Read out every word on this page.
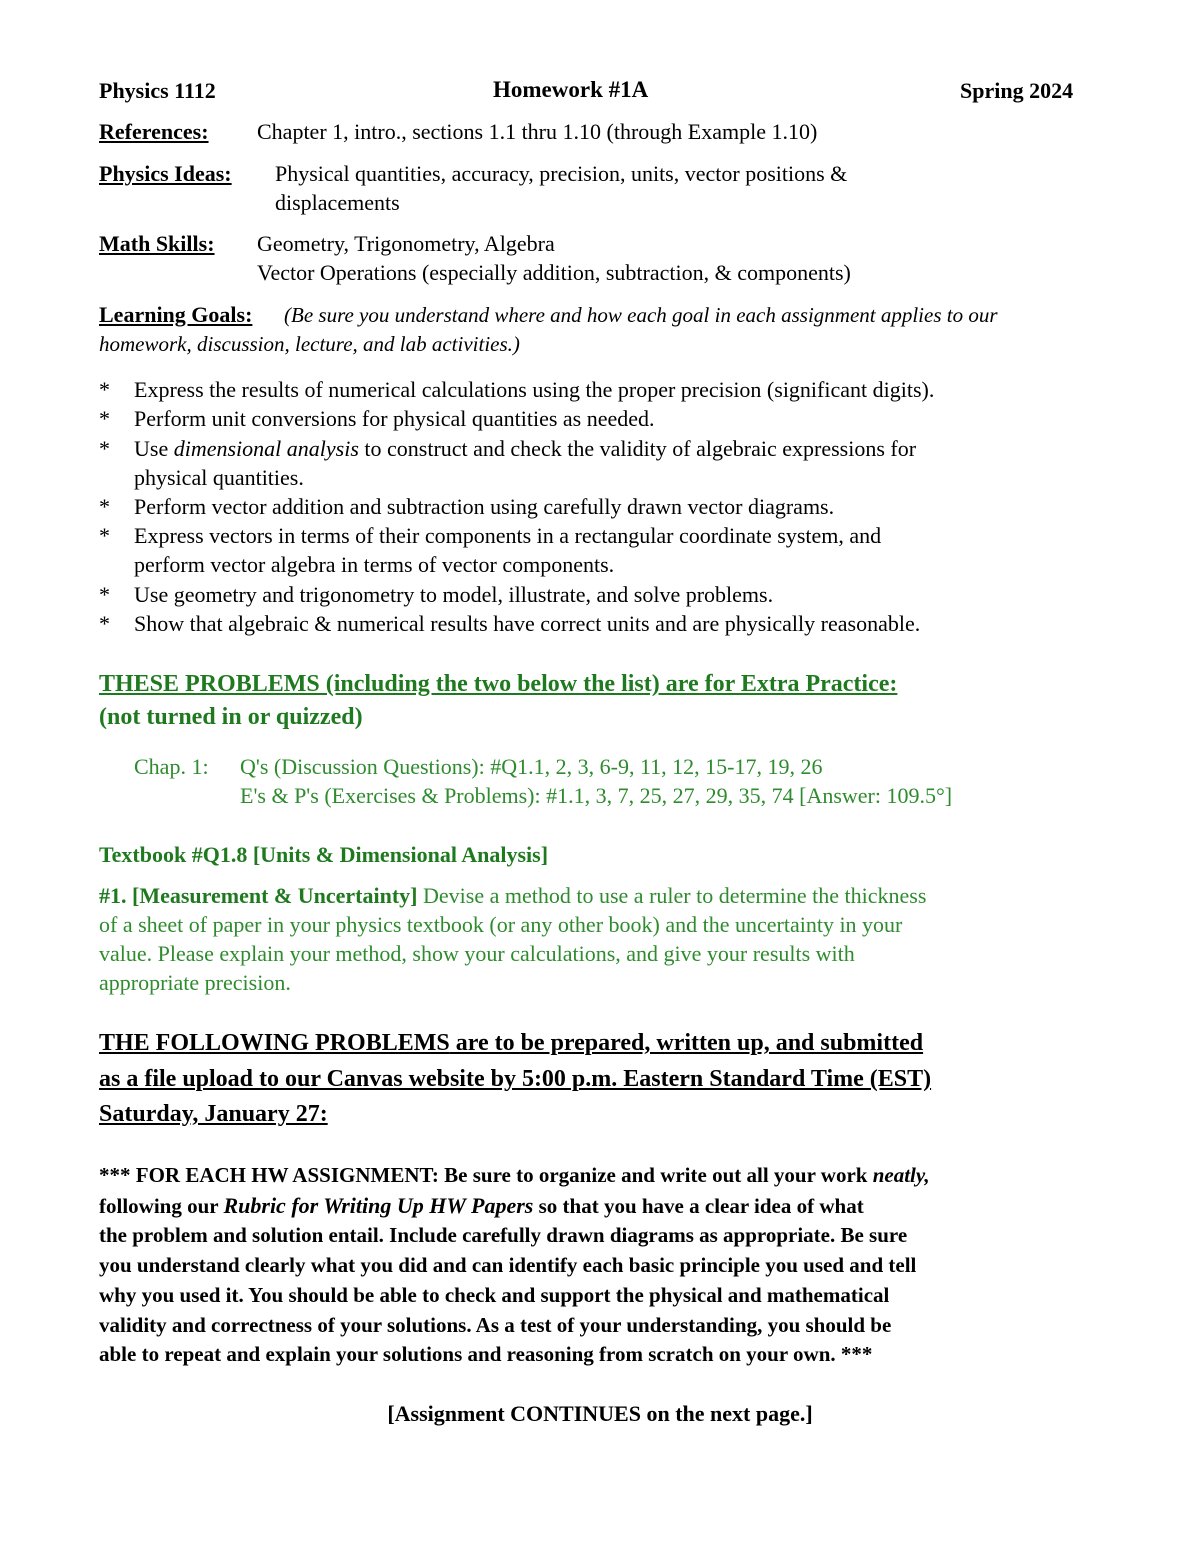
Physics 1112	Homework #1A	Spring 2024
References: Chapter 1, intro., sections 1.1 thru 1.10 (through Example 1.10)
Physics Ideas: Physical quantities, accuracy, precision, units, vector positions &
displacements
Math Skills: Geometry, Trigonometry, Algebra
Vector Operations (especially addition, subtraction, & components)
Learning Goals: (Be sure you understand where and how each goal in each assignment applies to our
homework, discussion, lecture, and lab activities.)
* Express the results of numerical calculations using the proper precision (significant digits).
* Perform unit conversions for physical quantities as needed.
* Use dimensional analysis to construct and check the validity of algebraic expressions for
physical quantities.
* Perform vector addition and subtraction using carefully drawn vector diagrams.
* Express vectors in terms of their components in a rectangular coordinate system, and
perform vector algebra in terms of vector components.
* Use geometry and trigonometry to model, illustrate, and solve problems.
* Show that algebraic & numerical results have correct units and are physically reasonable.
THESE PROBLEMS (including the two below the list) are for Extra Practice:
(not turned in or quizzed)
Chap. 1: Q's (Discussion Questions): #Q1.1, 2, 3, 6-9, 11, 12, 15-17, 19, 26
E's & P's (Exercises & Problems): #1.1, 3, 7, 25, 27, 29, 35, 74 [Answer: 109.5°]
Textbook #Q1.8 [Units & Dimensional Analysis]
#1. [Measurement & Uncertainty] Devise a method to use a ruler to determine the thickness
of a sheet of paper in your physics textbook (or any other book) and the uncertainty in your
value. Please explain your method, show your calculations, and give your results with
appropriate precision.
THE FOLLOWING PROBLEMS are to be prepared, written up, and submitted
as a file upload to our Canvas website by 5:00 p.m. Eastern Standard Time (EST)
Saturday, January 27:
*** FOR EACH HW ASSIGNMENT: Be sure to organize and write out all your work neatly,
following our Rubric for Writing Up HW Papers so that you have a clear idea of what
the problem and solution entail. Include carefully drawn diagrams as appropriate. Be sure
you understand clearly what you did and can identify each basic principle you used and tell
why you used it. You should be able to check and support the physical and mathematical
validity and correctness of your solutions. As a test of your understanding, you should be
able to repeat and explain your solutions and reasoning from scratch on your own. ***
[Assignment CONTINUES on the next page.]
